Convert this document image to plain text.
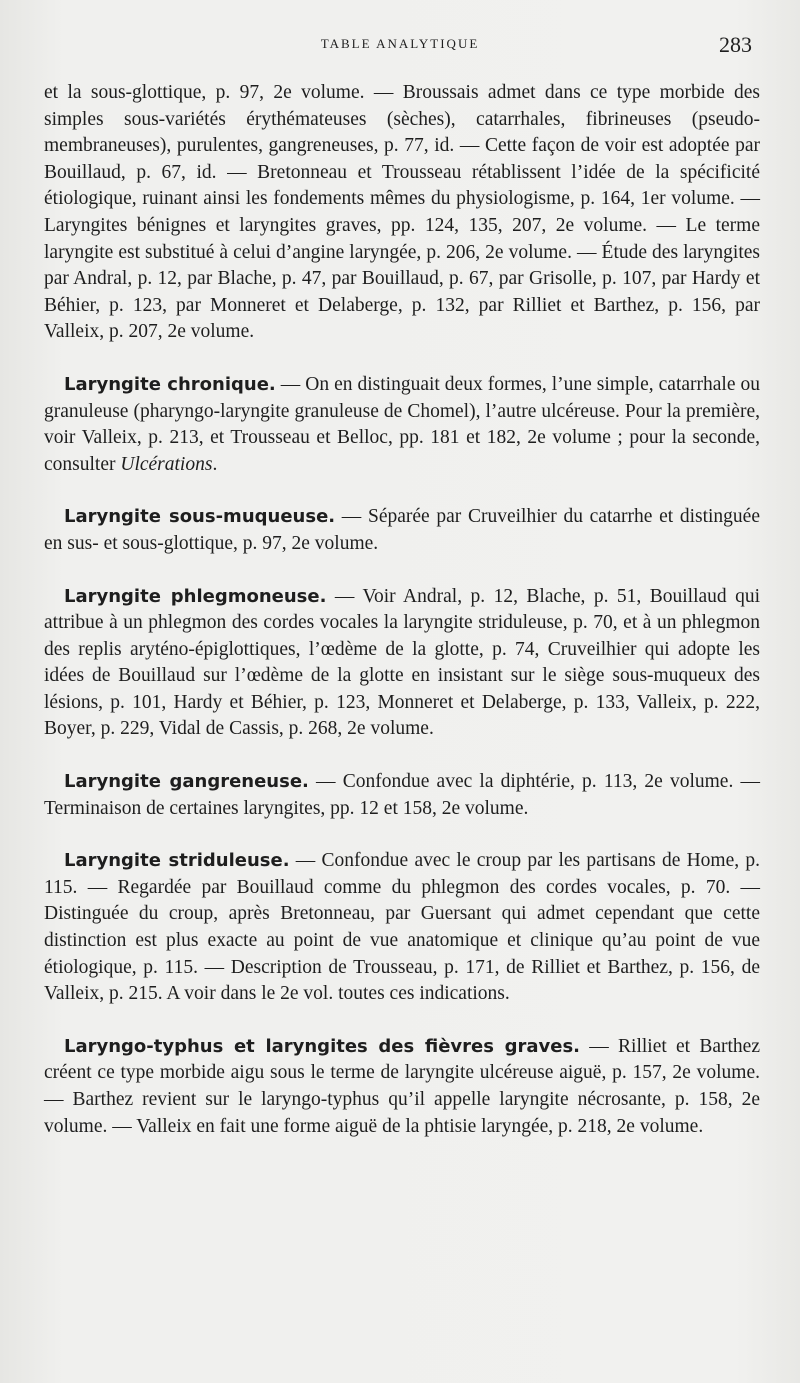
TABLE ANALYTIQUE	283

et la sous-glottique, p. 97, 2e volume. — Broussais admet dans ce type morbide des simples sous-variétés érythémateuses (sèches), catarrhales, fibrineuses (pseudo-membraneuses), purulentes, gangreneuses, p. 77, id. — Cette façon de voir est adoptée par Bouillaud, p. 67, id. — Bretonneau et Trousseau rétablissent l’idée de la spécificité étiologique, ruinant ainsi les fondements mêmes du physiologisme, p. 164, 1er volume. — Laryngites bénignes et laryngites graves, pp. 124, 135, 207, 2e volume. — Le terme laryngite est substitué à celui d’angine laryngée, p. 206, 2e volume. — Étude des laryngites par Andral, p. 12, par Blache, p. 47, par Bouillaud, p. 67, par Grisolle, p. 107, par Hardy et Béhier, p. 123, par Monneret et Delaberge, p. 132, par Rilliet et Barthez, p. 156, par Valleix, p. 207, 2e volume.

Laryngite chronique. — On en distinguait deux formes, l’une simple, catarrhale ou granuleuse (pharyngo-laryngite granuleuse de Chomel), l’autre ulcéreuse. Pour la première, voir Valleix, p. 213, et Trousseau et Belloc, pp. 181 et 182, 2e volume ; pour la seconde, consulter Ulcérations.

Laryngite sous-muqueuse. — Séparée par Cruveilhier du catarrhe et distinguée en sus- et sous-glottique, p. 97, 2e volume.

Laryngite phlegmoneuse. — Voir Andral, p. 12, Blache, p. 51, Bouillaud qui attribue à un phlegmon des cordes vocales la laryngite striduleuse, p. 70, et à un phlegmon des replis aryténo-épiglottiques, l’œdème de la glotte, p. 74, Cruveilhier qui adopte les idées de Bouillaud sur l’œdème de la glotte en insistant sur le siège sous-muqueux des lésions, p. 101, Hardy et Béhier, p. 123, Monneret et Delaberge, p. 133, Valleix, p. 222, Boyer, p. 229, Vidal de Cassis, p. 268, 2e volume.

Laryngite gangreneuse. — Confondue avec la diphtérie, p. 113, 2e volume. — Terminaison de certaines laryngites, pp. 12 et 158, 2e volume.

Laryngite striduleuse. — Confondue avec le croup par les partisans de Home, p. 115. — Regardée par Bouillaud comme du phlegmon des cordes vocales, p. 70. — Distinguée du croup, après Bretonneau, par Guersant qui admet cependant que cette distinction est plus exacte au point de vue anatomique et clinique qu’au point de vue étiologique, p. 115. — Description de Trousseau, p. 171, de Rilliet et Barthez, p. 156, de Valleix, p. 215. A voir dans le 2e vol. toutes ces indications.

Laryngo-typhus et laryngites des fièvres graves. — Rilliet et Barthez créent ce type morbide aigu sous le terme de laryngite ulcéreuse aiguë, p. 157, 2e volume. — Barthez revient sur le laryngo-typhus qu’il appelle laryngite nécrosante, p. 158, 2e volume. — Valleix en fait une forme aiguë de la phtisie laryngée, p. 218, 2e volume.
